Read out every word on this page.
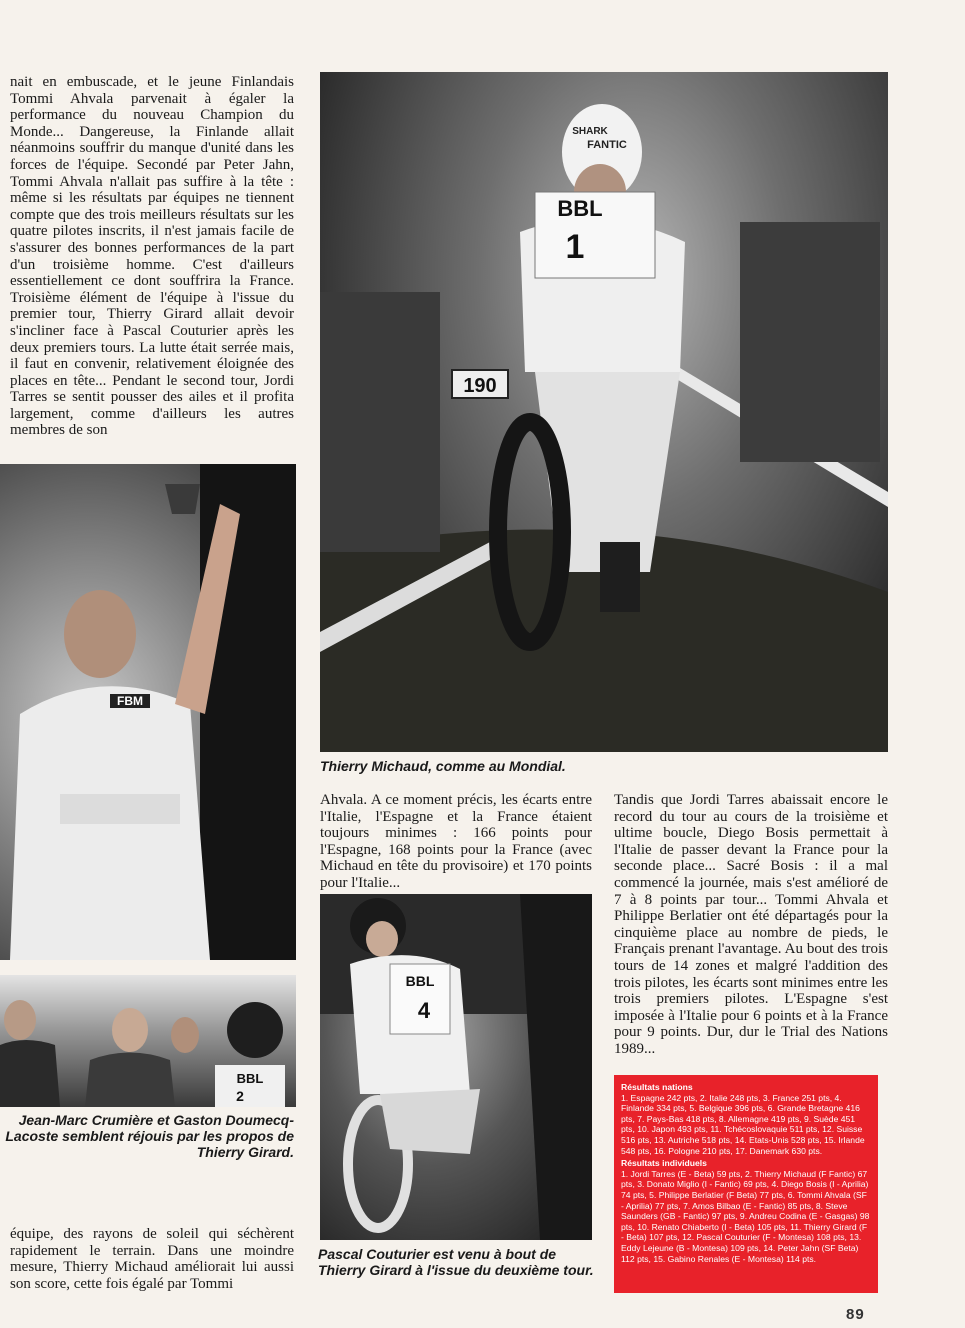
nait en embuscade, et le jeune Finlandais Tommi Ahvala parvenait à égaler la performance du nouveau Champion du Monde... Dangereuse, la Finlande allait néanmoins souffrir du manque d'unité dans les forces de l'équipe. Secondé par Peter Jahn, Tommi Ahvala n'allait pas suffire à la tête : même si les résultats par équipes ne tiennent compte que des trois meilleurs résultats sur les quatre pilotes inscrits, il n'est jamais facile de s'assurer des bonnes performances de la part d'un troisième homme. C'est d'ailleurs essentiellement ce dont souffrira la France. Troisième élément de l'équipe à l'issue du premier tour, Thierry Girard allait devoir s'incliner face à Pascal Couturier après les deux premiers tours. La lutte était serrée mais, il faut en convenir, relativement éloignée des places en tête... Pendant le second tour, Jordi Tarres se sentit pousser des ailes et il profita largement, comme d'ailleurs les autres membres de son

FBM
BBL
2

Jean-Marc Crumière et Gaston Doumecq-Lacoste semblent réjouis par les propos de Thierry Girard.

équipe, des rayons de soleil qui séchèrent rapidement le terrain. Dans une moindre mesure, Thierry Michaud améliorait lui aussi son score, cette fois égalé par Tommi

BBL
1
SHARK
FANTIC
190

Thierry Michaud, comme au Mondial.

Ahvala. A ce moment précis, les écarts entre l'Italie, l'Espagne et la France étaient toujours minimes : 166 points pour l'Espagne, 168 points pour la France (avec Michaud en tête du provisoire) et 170 points pour l'Italie...

BBL
4

Pascal Couturier est venu à bout de Thierry Girard à l'issue du deuxième tour.

Tandis que Jordi Tarres abaissait encore le record du tour au cours de la troisième et ultime boucle, Diego Bosis permettait à l'Italie de passer devant la France pour la seconde place... Sacré Bosis : il a mal commencé la journée, mais s'est amélioré de 7 à 8 points par tour... Tommi Ahvala et Philippe Berlatier ont été départagés pour la cinquième place au nombre de pieds, le Français prenant l'avantage. Au bout des trois tours de 14 zones et malgré l'addition des trois pilotes, les écarts sont minimes entre les trois premiers pilotes. L'Espagne s'est imposée à l'Italie pour 6 points et à la France pour 9 points. Dur, dur le Trial des Nations 1989...

Résultats nations
1. Espagne 242 pts, 2. Italie 248 pts, 3. France 251 pts, 4. Finlande 334 pts, 5. Belgique 396 pts, 6. Grande Bretagne 416 pts, 7. Pays-Bas 418 pts, 8. Allemagne 419 pts, 9. Suède 451 pts, 10. Japon 493 pts, 11. Tchécoslovaquie 511 pts, 12. Suisse 516 pts, 13. Autriche 518 pts, 14. Etats-Unis 528 pts, 15. Irlande 548 pts, 16. Pologne 210 pts, 17. Danemark 630 pts.
Résultats individuels
1. Jordi Tarres (E - Beta) 59 pts, 2. Thierry Michaud (F Fantic) 67 pts, 3. Donato Miglio (I - Fantic) 69 pts, 4. Diego Bosis (I - Aprilia) 74 pts, 5. Philippe Berlatier (F Beta) 77 pts, 6. Tommi Ahvala (SF - Aprilia) 77 pts, 7. Amos Bilbao (E - Fantic) 85 pts, 8. Steve Saunders (GB - Fantic) 97 pts, 9. Andreu Codina (E - Gasgas) 98 pts, 10. Renato Chiaberto (I - Beta) 105 pts, 11. Thierry Girard (F - Beta) 107 pts, 12. Pascal Couturier (F - Montesa) 108 pts, 13. Eddy Lejeune (B - Montesa) 109 pts, 14. Peter Jahn (SF Beta) 112 pts, 15. Gabino Renales (E - Montesa) 114 pts.
89
